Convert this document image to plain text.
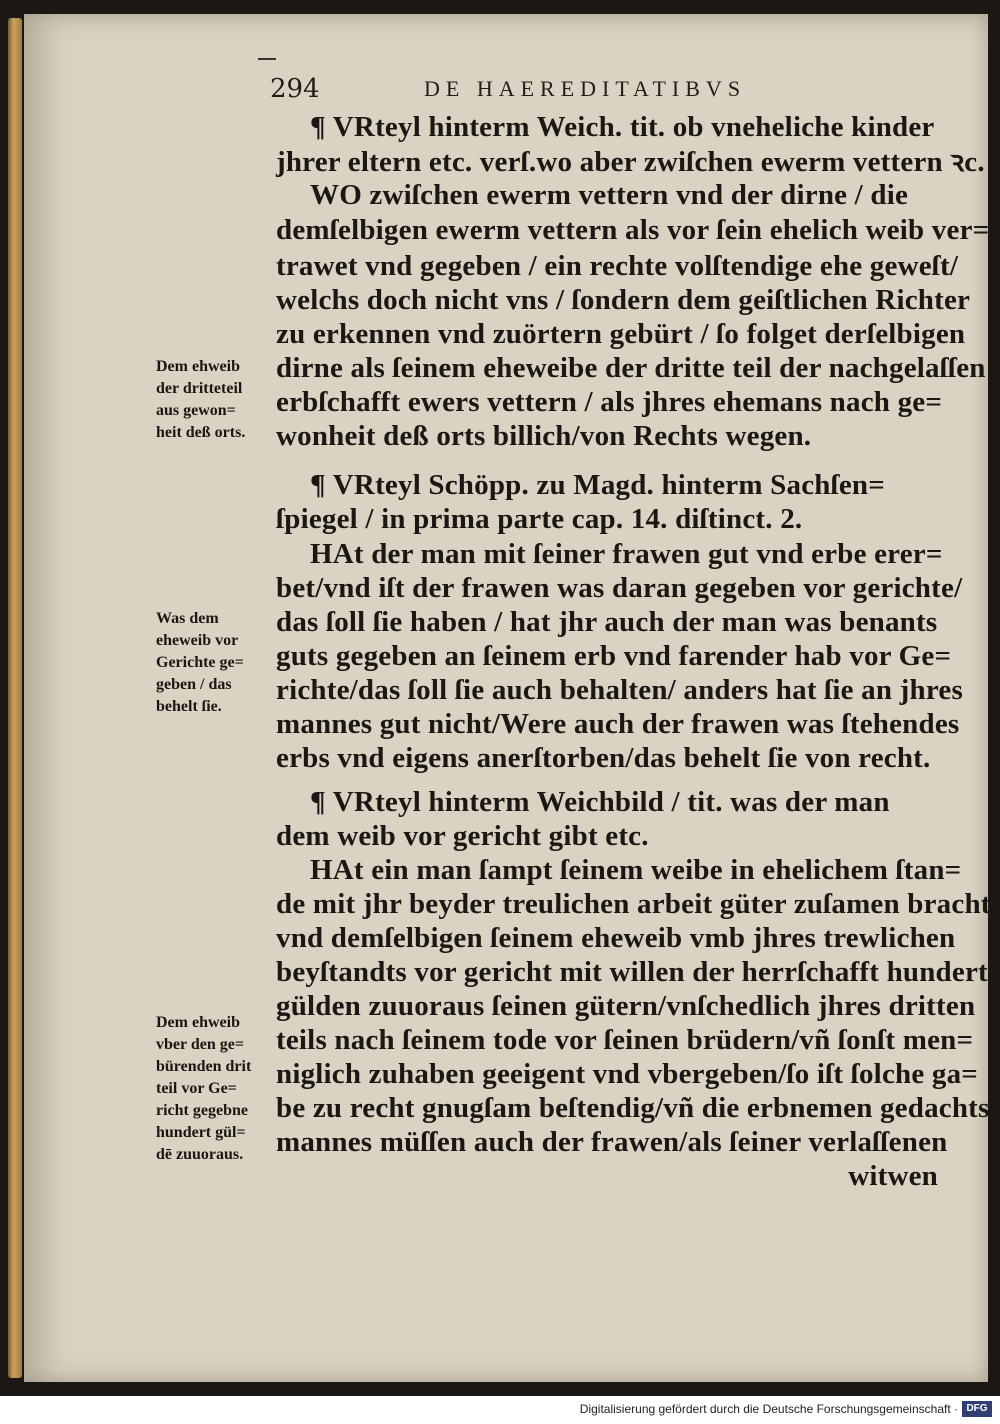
294	DE HAEREDITATIBVS
¶ VRteyl hinterm Weich. tit. ob vneheliche kinder
jhrer eltern etc. verſ.wo aber zwiſchen ewerm vettern ꝛc.
WO zwiſchen ewerm vettern vnd der dirne / die
demſelbigen ewerm vettern als vor ſein ehelich weib ver=
trawet vnd gegeben / ein rechte volſtendige ehe geweſt/
welchs doch nicht vns / ſondern dem geiſtlichen Richter
zu erkennen vnd zuörtern gebürt / ſo folget derſelbigen
dirne als ſeinem eheweibe der dritte teil der nachgelaſſen
erbſchafft ewers vettern / als jhres ehemans nach ge=
wonheit deß orts billich/von Rechts wegen.
¶ VRteyl Schöpp. zu Magd. hinterm Sachſen=
ſpiegel / in prima parte cap. 14. diſtinct. 2.
HAt der man mit ſeiner frawen gut vnd erbe erer=
bet/vnd iſt der frawen was daran gegeben vor gerichte/
das ſoll ſie haben / hat jhr auch der man was benants
guts gegeben an ſeinem erb vnd farender hab vor Ge=
richte/das ſoll ſie auch behalten/ anders hat ſie an jhres
mannes gut nicht/Were auch der frawen was ſtehendes
erbs vnd eigens anerſtorben/das behelt ſie von recht.
¶ VRteyl hinterm Weichbild / tit. was der man
dem weib vor gericht gibt etc.
HAt ein man ſampt ſeinem weibe in ehelichem ſtan=
de mit jhr beyder treulichen arbeit güter zuſamen bracht/
vnd demſelbigen ſeinem eheweib vmb jhres trewlichen
beyſtandts vor gericht mit willen der herrſchafft hundert
gülden zuuoraus ſeinen gütern/vnſchedlich jhres dritten
teils nach ſeinem tode vor ſeinen brüdern/vñ ſonſt men=
niglich zuhaben geeigent vnd vbergeben/ſo iſt ſolche ga=
be zu recht gnugſam beſtendig/vñ die erbnemen gedachts
mannes müſſen auch der frawen/als ſeiner verlaſſenen
witwen
Dem ehweib
der dritteteil
aus gewon=
heit deß orts.
Was dem
eheweib vor
Gerichte ge=
geben / das
behelt ſie.
Dem ehweib
vber den ge=
bürenden drit
teil vor Ge=
richt gegebne
hundert gül=
dē zuuoraus.
Digitalisierung gefördert durch die Deutsche Forschungsgemeinschaft · DFG
